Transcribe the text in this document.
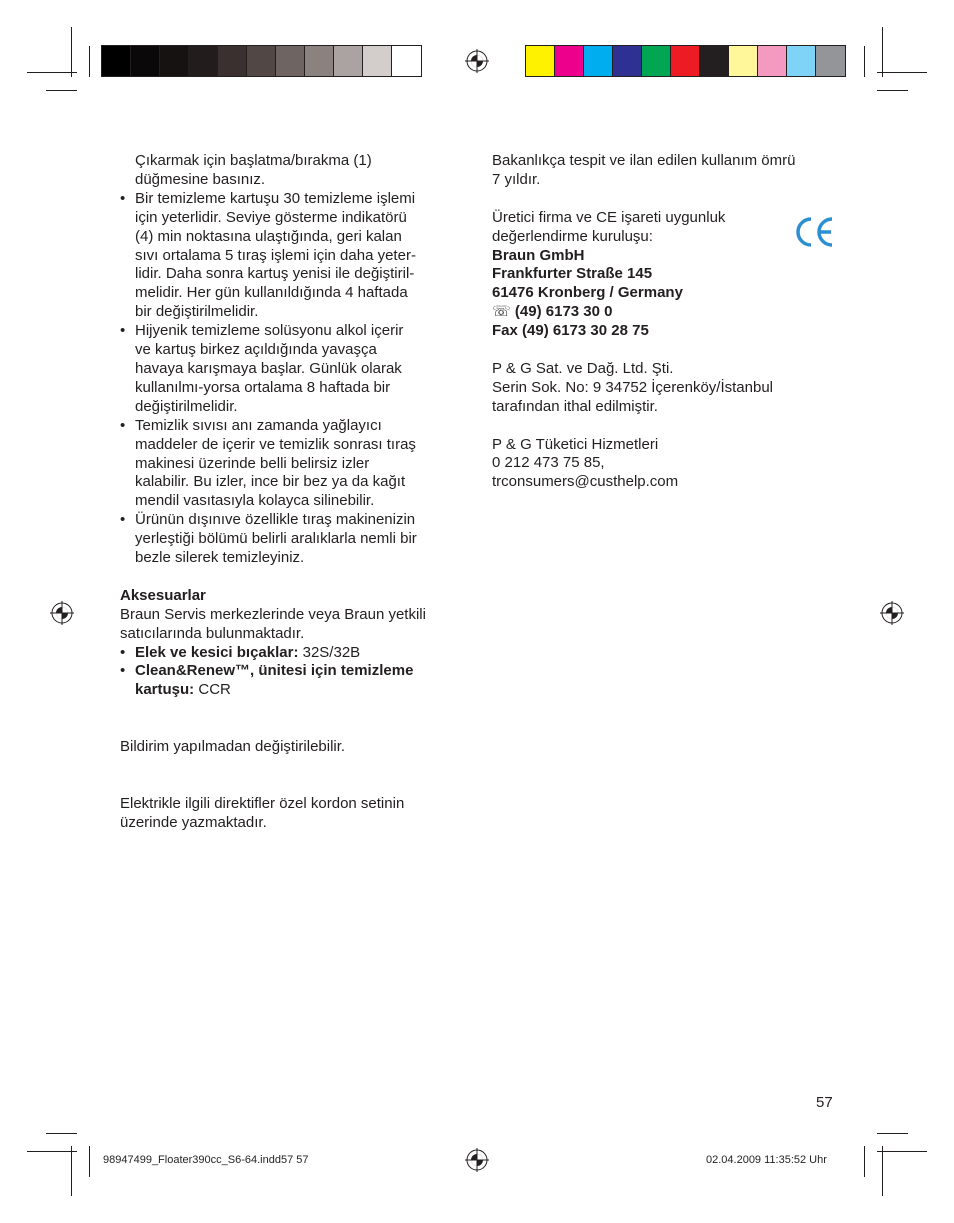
Çıkarmak için başlatma/bırakma (1)

düğmesine basınız.

• Bir temizleme kartuşu 30 temizleme işlemi

için yeterlidir. Seviye gösterme indikatörü

(4) min noktasına ulaştığında, geri kalan

sıvı ortalama 5 tıraş işlemi için daha yeter-

lidir. Daha sonra kartuş yenisi ile değiştiril-

melidir. Her gün kullanıldığında 4 haftada

bir değiştirilmelidir.

• Hijyenik temizleme solüsyonu alkol içerir

ve kartuş birkez açıldığında yavaşça

havaya karışmaya başlar. Günlük olarak

kullanılmı-yorsa ortalama 8 haftada bir

değiştirilmelidir.

• Temizlik sıvısı anı zamanda yağlayıcı

maddeler de içerir ve temizlik sonrası tıraş

makinesi üzerinde belli belirsiz izler

kalabilir. Bu izler, ince bir bez ya da kağıt

mendil vasıtasıyla kolayca silinebilir.

• Ürünün dışınıve özellikle tıraş makinenizin

yerleştiği bölümü belirli aralıklarla nemli bir

bezle silerek temizleyiniz.

Aksesuarlar

Braun Servis merkezlerinde veya Braun yetkili

satıcılarında bulunmaktadır.

• Elek ve kesici bıçaklar: 32S/32B

• Clean&Renew™, ünitesi için temizleme

kartuşu: CCR

Bildirim yapılmadan değiştirilebilir.

Elektrikle ilgili direktifler özel kordon setinin

üzerinde yazmaktadır.

Bakanlıkça tespit ve ilan edilen kullanım ömrü

7 yıldır.

Üretici firma ve CE işareti uygunluk

değerlendirme kuruluşu:

Braun GmbH

Frankfurter Straße 145

61476 Kronberg / Germany

☏ (49) 6173 30 0

Fax (49) 6173 30 28 75

P & G Sat. ve Dağ. Ltd. Şti.

Serin Sok. No: 9 34752 İçerenköy/İstanbul

tarafından ithal edilmiştir.

P & G Tüketici Hizmetleri

0 212 473 75 85,

trconsumers@custhelp.com

57
98947499_Floater390cc_S6-64.indd57 57	02.04.2009 11:35:52 Uhr
